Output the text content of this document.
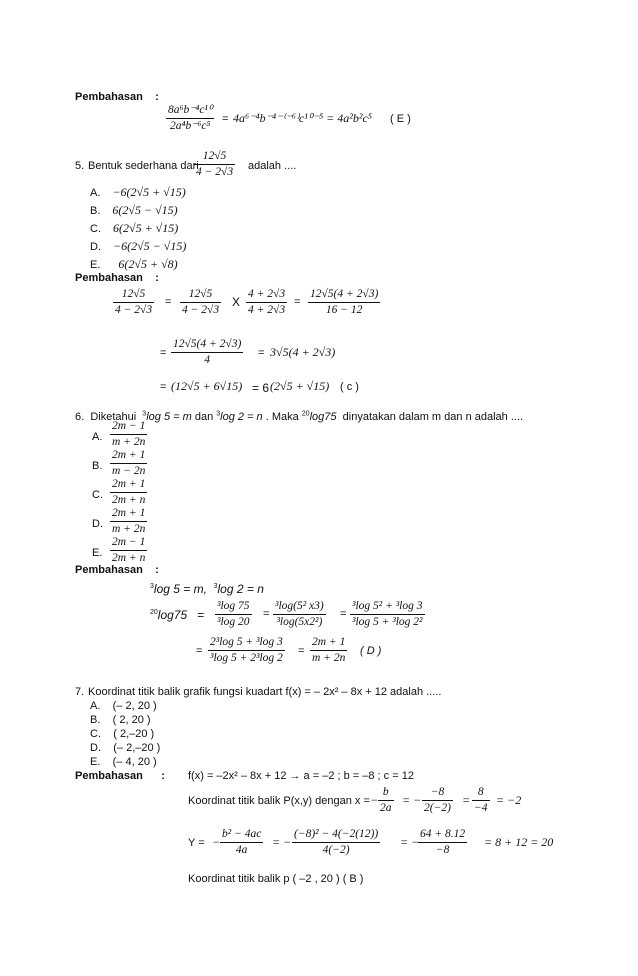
Pembahasan :
$\frac{\text{8a⁶b⁻⁴c¹⁰}}{\text{2a⁴b⁻⁶c⁵}} = 4a^{6-4}b^{-4-(-6)}c^{10-5} = 4a^2b^2c^5$ ( E )
5. Bentuk sederhana dari
$\frac{12√5}{4 - 2√3}$ adalah ....
A. −6(2√5 + √15)
B. 6(2√5 − √15)
C. 6(2√5 + √15)
D. −6(2√5 − √15)
E. 6(2√5 + √8)
Pembahasan :
$\frac{12√5}{4 - 2√3} = \frac{12√5}{4 - 2√3}$ X $\frac{4 + 2√3}{4 + 2√3} = \frac{12√5(4 + 2√3)}{16 - 12}$
= $\frac{12√5(4 + 2√3)}{4} = 3√5(4 + 2√3)$
= (12√5 + 6√15) = 6 (2√5 + √15) ( c )
6. Diketahui $^3$log 5 = m dan $^3$log 2 = n . Maka $^{20}$log75 dinyatakan dalam m dan n adalah ....
A. $\frac{2m - 1}{m + 2n}$
B. $\frac{2m + 1}{m - 2n}$
C. $\frac{2m + 1}{2m + n}$
D. $\frac{2m + 1}{m + 2n}$
E. $\frac{2m - 1}{2m + n}$
Pembahasan :
$^3$log 5 = m, $^3$log 2 = n
$^{20}\log 75 = \frac{\text{³log 75}}{\text{³log 20}} = \frac{\text{³log(5² x3)}}{\text{³log(5x2²)}} = \frac{\text{³log 5² + ³log 3}}{\text{³log 5 + ³log 2²}}$
= $\frac{\text{2³log 5 + ³log 3}}{\text{³log 5 + 2³log 2}} = \frac{2m + 1}{m + 2n}$ ( D )
7. Koordinat titik balik grafik fungsi kuadart f(x) = – 2x² – 8x + 12 adalah .....
A. (– 2, 20 )
B. ( 2, 20 )
C. ( 2,–20 )
D. (– 2,–20 )
E. (– 4, 20 )
Pembahasan : f(x) = –2x² – 8x + 12 → a = –2 ; b = –8 ; c = 12
Koordinat titik balik P(x,y) dengan x = − $\frac{b}{2a}$ = − $\frac{-8}{2(-2)} = \frac{8}{-4} = -2$
Y = − $\frac{\text{b² − 4ac}}{4a}$ = − $\frac{\text{(−8)² − 4(−2(12))}}{4(-2)}$ = −
$\frac{64 + 8.12}{-8} = 8 + 12 = 20$
Koordinat titik balik p ( –2 , 20 ) ( B )
